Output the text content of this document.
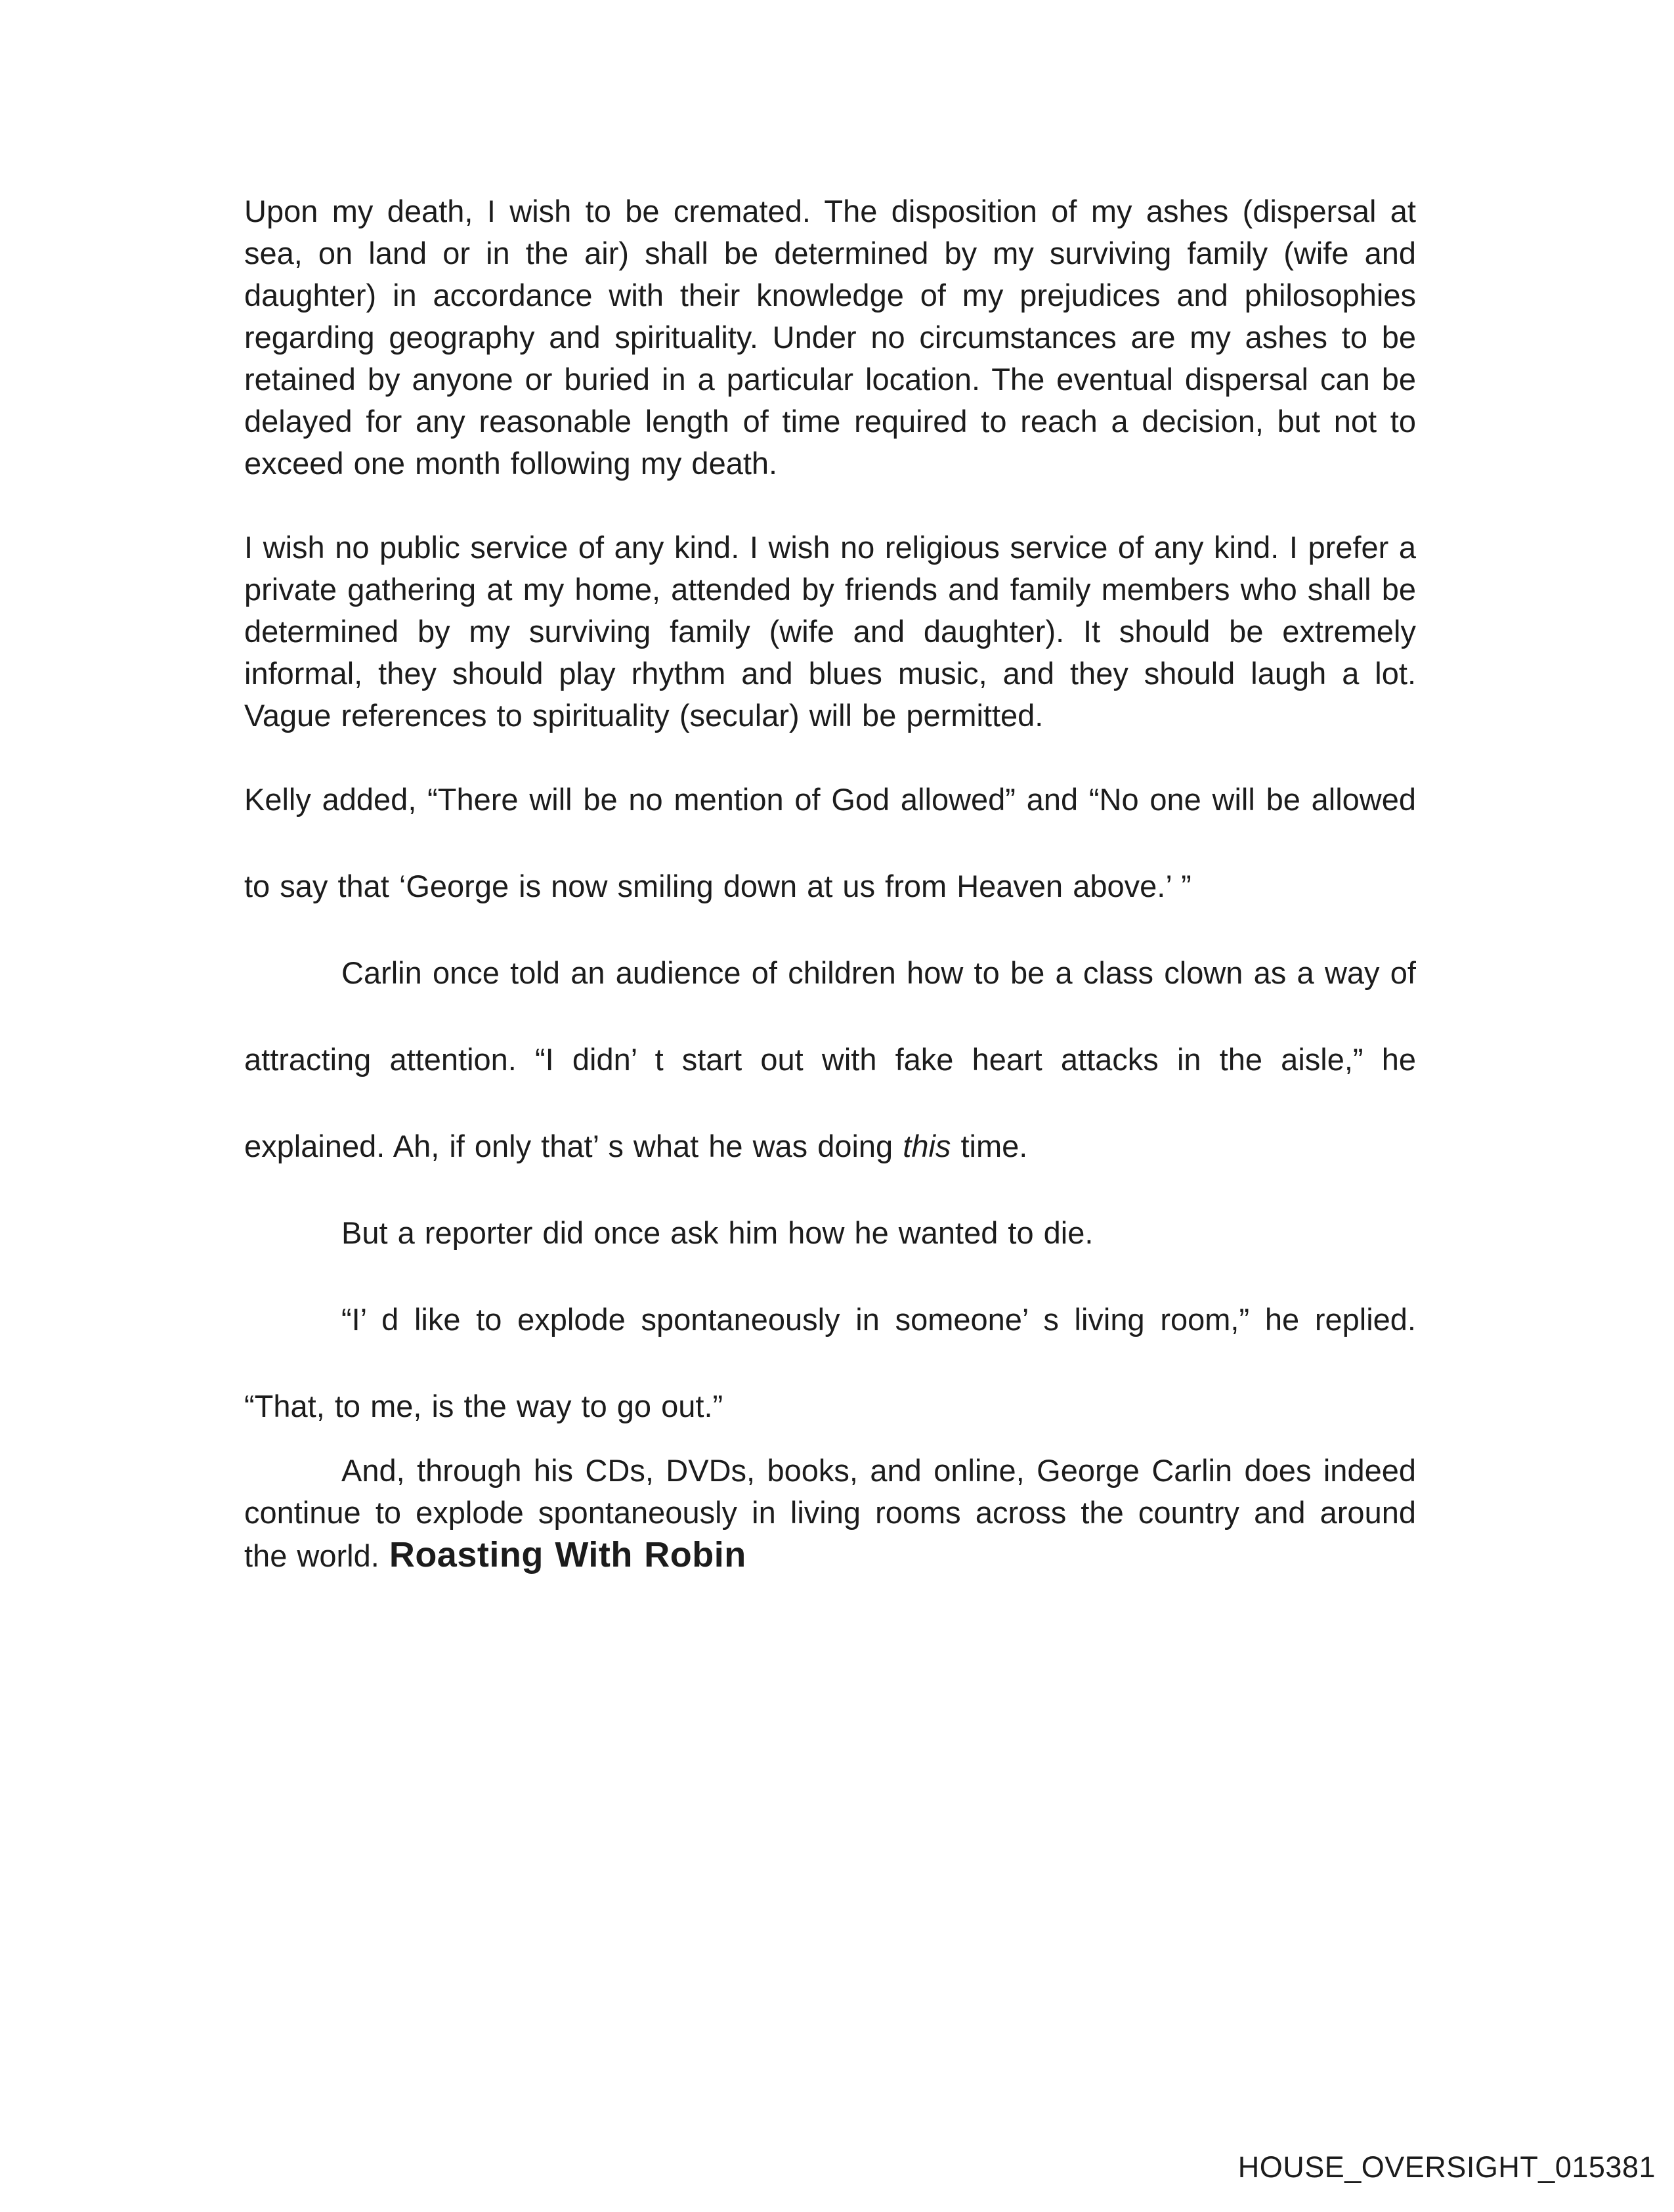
Upon my death, I wish to be cremated. The disposition of my ashes (dispersal at sea, on land or in the air) shall be determined by my surviving family (wife and daughter) in accordance with their knowledge of my prejudices and philosophies regarding geography and spirituality. Under no circumstances are my ashes to be retained by anyone or buried in a particular location. The eventual dispersal can be delayed for any reasonable length of time required to reach a decision, but not to exceed one month following my death.

I wish no public service of any kind. I wish no religious service of any kind. I prefer a private gathering at my home, attended by friends and family members who shall be determined by my surviving family (wife and daughter). It should be extremely informal, they should play rhythm and blues music, and they should laugh a lot. Vague references to spirituality (secular) will be permitted.

Kelly added, “There will be no mention of God allowed” and “No one will be allowed to say that ‘George is now smiling down at us from Heaven above.’ ”

Carlin once told an audience of children how to be a class clown as a way of attracting attention. “I didn’ t start out with fake heart attacks in the aisle,” he explained. Ah, if only that’ s what he was doing this time.

But a reporter did once ask him how he wanted to die.

“I’ d like to explode spontaneously in someone’ s living room,” he replied. “That, to me, is the way to go out.”

And, through his CDs, DVDs, books, and online, George Carlin does indeed continue to explode spontaneously in living rooms across the country and around the world. Roasting With Robin

HOUSE_OVERSIGHT_015381
